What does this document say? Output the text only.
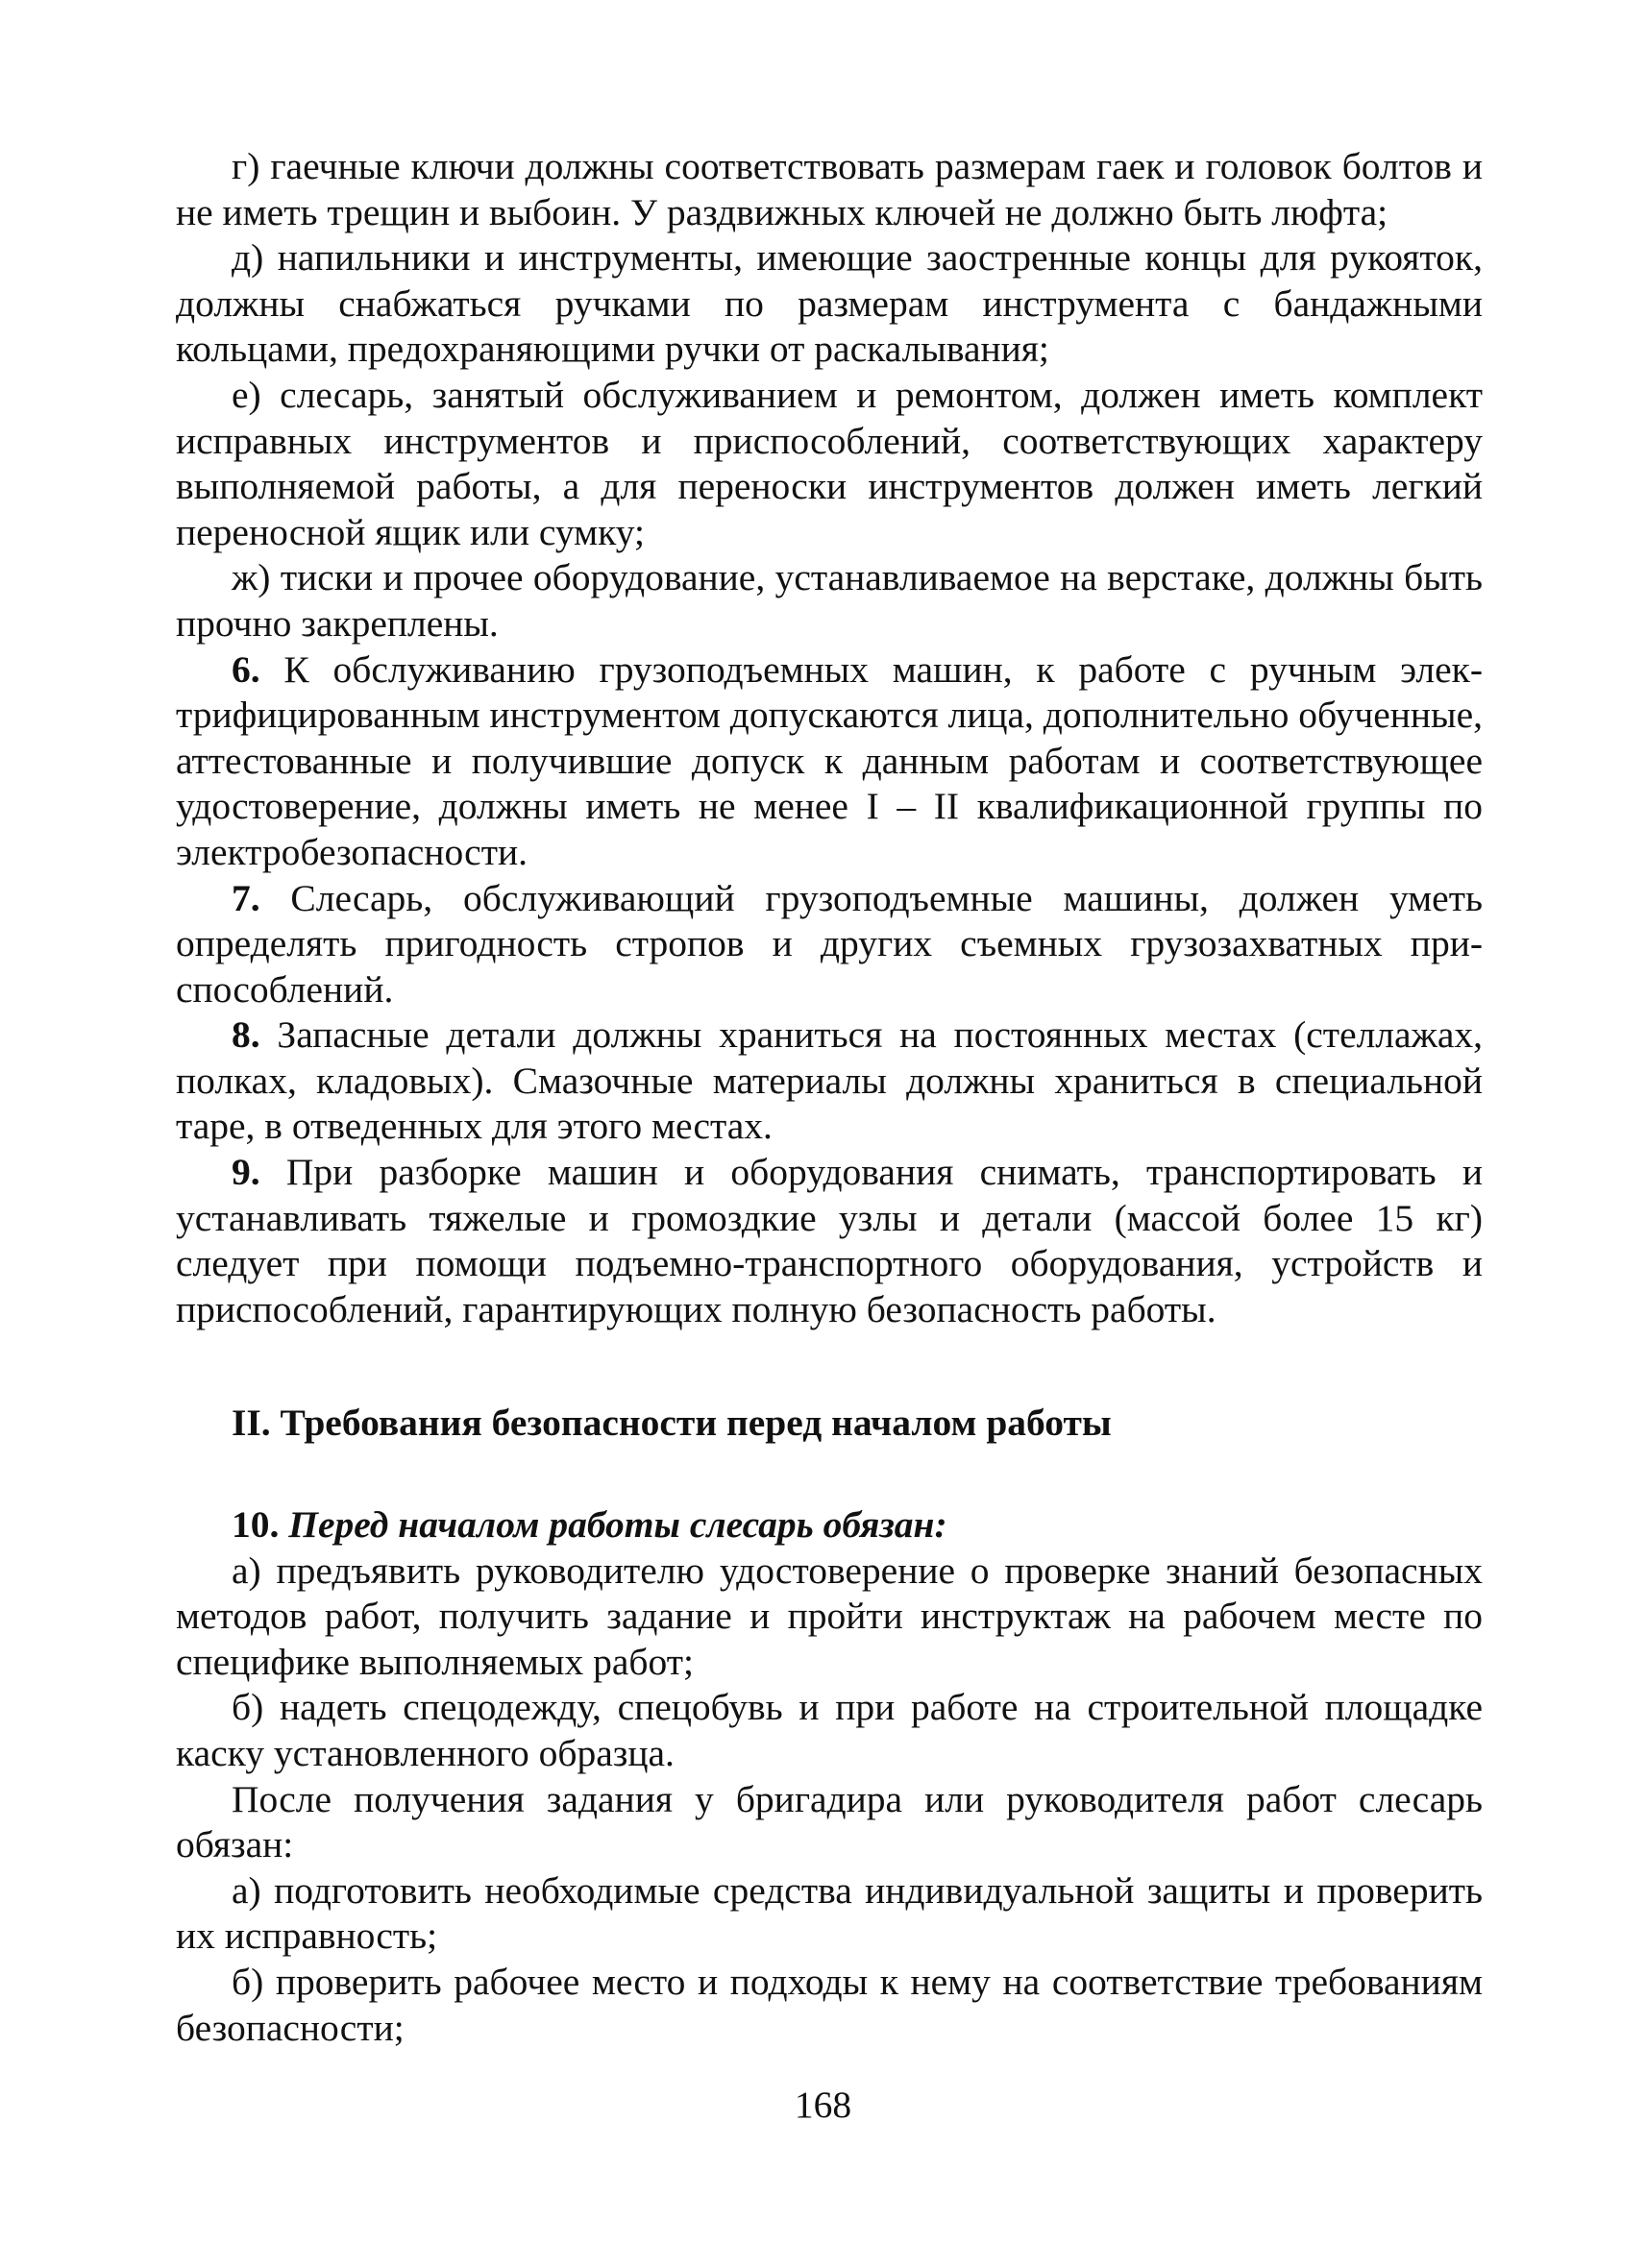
г) гаечные ключи должны соответствовать размерам гаек и головок болтов и не иметь трещин и выбоин. У раздвижных ключей не должно быть люфта;

д) напильники и инструменты, имеющие заостренные концы для рукояток, должны снабжаться ручками по размерам инструмента с бандажными кольцами, предохраняющими ручки от раскалывания;

е) слесарь, занятый обслуживанием и ремонтом, должен иметь комплект исправных инструментов и приспособлений, соответствующих характеру выполняемой работы, а для переноски инструментов должен иметь легкий переносной ящик или сумку;

ж) тиски и прочее оборудование, устанавливаемое на верстаке, должны быть прочно закреплены.

6. К обслуживанию грузоподъемных машин, к работе с ручным электрифицированным инструментом допускаются лица, дополнительно обученные, аттестованные и получившие допуск к данным работам и соответствующее удостоверение, должны иметь не менее I – II квалификационной группы по электробезопасности.

7. Слесарь, обслуживающий грузоподъемные машины, должен уметь определять пригодность стропов и других съемных грузозахватных приспособлений.

8. Запасные детали должны храниться на постоянных местах (стеллажах, полках, кладовых). Смазочные материалы должны храниться в специальной таре, в отведенных для этого местах.

9. При разборке машин и оборудования снимать, транспортировать и устанавливать тяжелые и громоздкие узлы и детали (массой более 15 кг) следует при помощи подъемно-транспортного оборудования, устройств и приспособлений, гарантирующих полную безопасность работы.

II. Требования безопасности перед началом работы

10. Перед началом работы слесарь обязан:

а) предъявить руководителю удостоверение о проверке знаний безопасных методов работ, получить задание и пройти инструктаж на рабочем месте по специфике выполняемых работ;

б) надеть спецодежду, спецобувь и при работе на строительной площадке каску установленного образца.

После получения задания у бригадира или руководителя работ слесарь обязан:

а) подготовить необходимые средства индивидуальной защиты и проверить их исправность;

б) проверить рабочее место и подходы к нему на соответствие требованиям безопасности;

168
